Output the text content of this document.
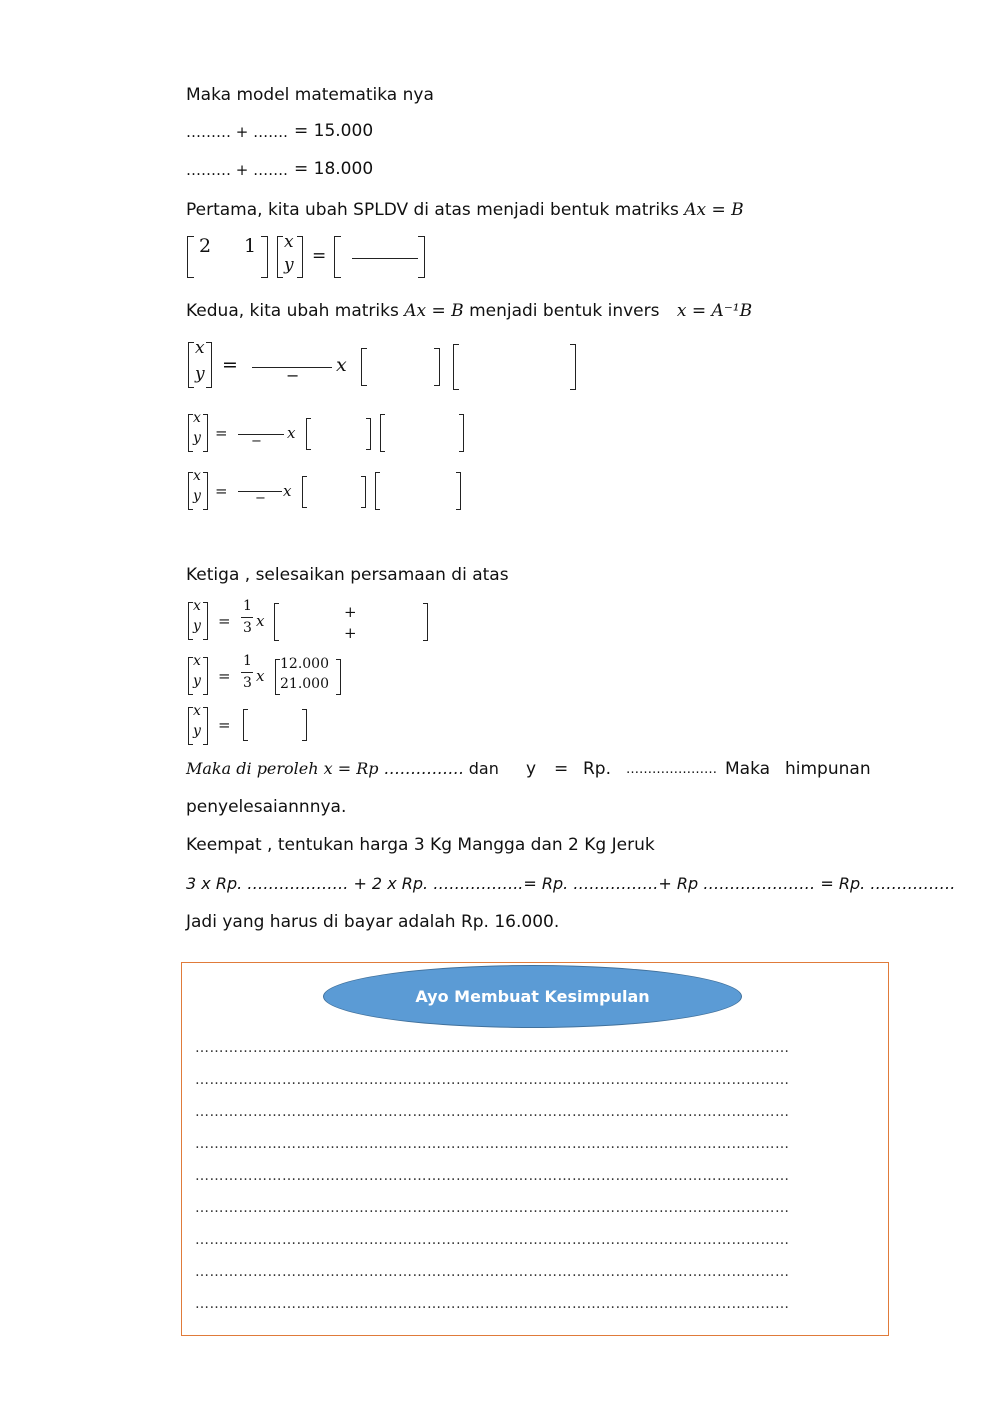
Maka model matematika nya
……… + ……. = 15.000
……… + ……. = 18.000
Pertama, kita ubah SPLDV di atas menjadi bentuk matriks Ax = B
2 1 x
y =
Kedua, kita ubah matriks Ax = B menjadi bentuk invers x = A⁻¹B
x
y =	− x
x
y = − x
x
y = − x
Ketiga , selesaikan persamaan di atas
x
y =
1
3 x	+
+
x
y =
1
3 x
12.000
21.000
x
y =
Maka di peroleh x = Rp …………… dan y = Rp. ………………… Maka himpunan
penyelesaiannnya.
Keempat , tentukan harga 3 Kg Mangga dan 2 Kg Jeruk
3 x Rp. ………………. + 2 x Rp. ……………..= Rp. …………….+ Rp ………………… = Rp. …………….
Jadi yang harus di bayar adalah Rp. 16.000.
Ayo Membuat Kesimpulan
……………………………………………………………………………………………………………
……………………………………………………………………………………………………………
……………………………………………………………………………………………………………
……………………………………………………………………………………………………………
……………………………………………………………………………………………………………
……………………………………………………………………………………………………………
……………………………………………………………………………………………………………
……………………………………………………………………………………………………………
……………………………………………………………………………………………………………
